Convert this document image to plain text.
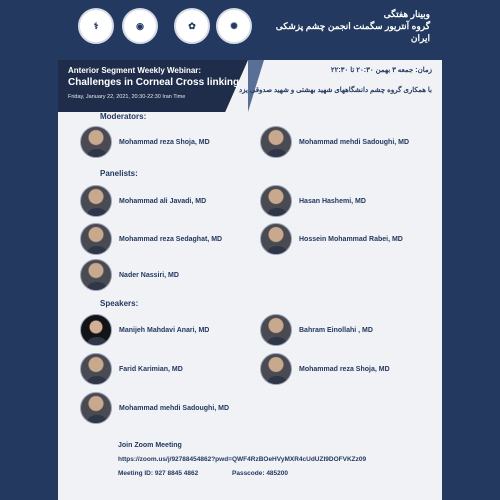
⚕	◉	✿	✺
وبینار هفتگی
گروه آنتریور سگمنت انجمن چشم پزشکی ایران
Anterior Segment Weekly Webinar:
Challenges in Corneal Cross linking
Friday, January 22, 2021, 20:30-22:30 Iran Time
زمان: جمعه ۳ بهمن ۲۰:۳۰ تا ۲۲:۳۰
با همکاری گروه چشم دانشگاههای شهید بهشتی و شهید صدوقی یزد
Moderators:
Mohammad reza Shoja, MD	Mohammad mehdi Sadoughi, MD
Panelists:
Mohammad ali Javadi, MD	Hasan Hashemi, MD
Mohammad reza Sedaghat, MD	Hossein Mohammad Rabei, MD
Nader Nassiri, MD
Speakers:
Manijeh Mahdavi Anari, MD	Bahram Einollahi , MD
Farid Karimian, MD	Mohammad reza Shoja, MD
Mohammad mehdi Sadoughi, MD
Join Zoom Meeting
https://zoom.us/j/92788454862?pwd=QWF4RzBOeHVyMXR4cUdUZI9DOFVKZz09
Meeting ID: 927 8845 4862	Passcode: 485200
